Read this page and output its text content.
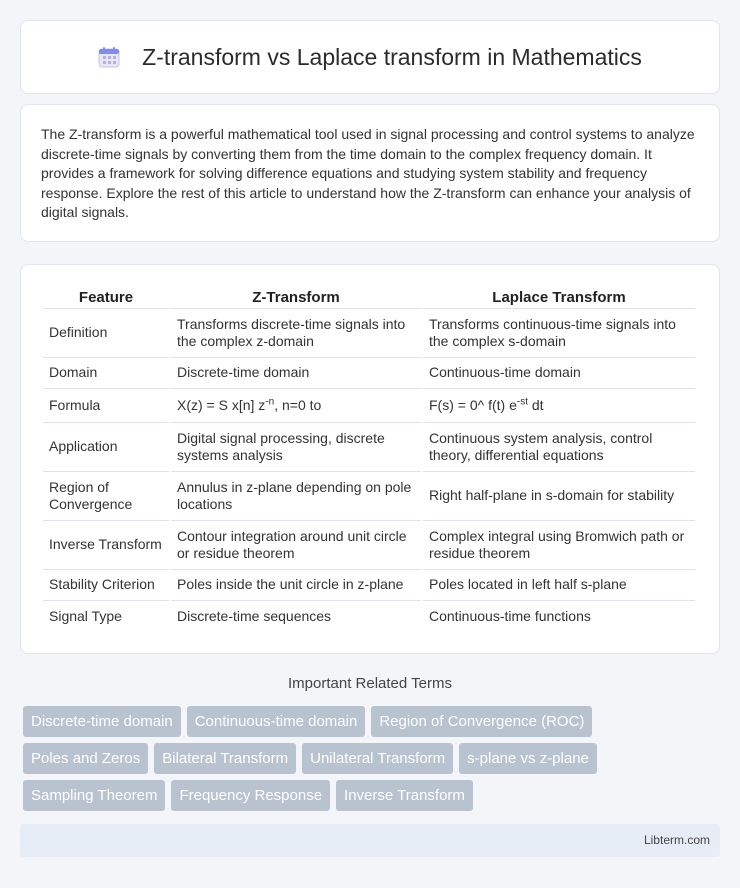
Z-transform vs Laplace transform in Mathematics

The Z-transform is a powerful mathematical tool used in signal processing and control systems to analyze discrete-time signals by converting them from the time domain to the complex frequency domain. It provides a framework for solving difference equations and studying system stability and frequency response. Explore the rest of this article to understand how the Z-transform can enhance your analysis of digital signals.

Feature	Z-Transform	Laplace Transform
Definition	Transforms discrete-time signals into the complex z-domain	Transforms continuous-time signals into the complex s-domain
Domain	Discrete-time domain	Continuous-time domain
Formula	X(z) = S x[n] $z^{-n}$, n=0 to	F(s) = 0^ f(t) $e^{-st}$ dt
Application	Digital signal processing, discrete systems analysis	Continuous system analysis, control theory, differential equations
Region of Convergence	Annulus in z-plane depending on pole locations	Right half-plane in s-domain for stability
Inverse Transform	Contour integration around unit circle or residue theorem	Complex integral using Bromwich path or residue theorem
Stability Criterion	Poles inside the unit circle in z-plane	Poles located in left half s-plane
Signal Type	Discrete-time sequences	Continuous-time functions
Important Related Terms
Discrete-time domain Continuous-time domain Region of Convergence (ROC)
Poles and Zeros Bilateral Transform Unilateral Transform s-plane vs z-plane
Sampling Theorem Frequency Response Inverse Transform
Libterm.com
